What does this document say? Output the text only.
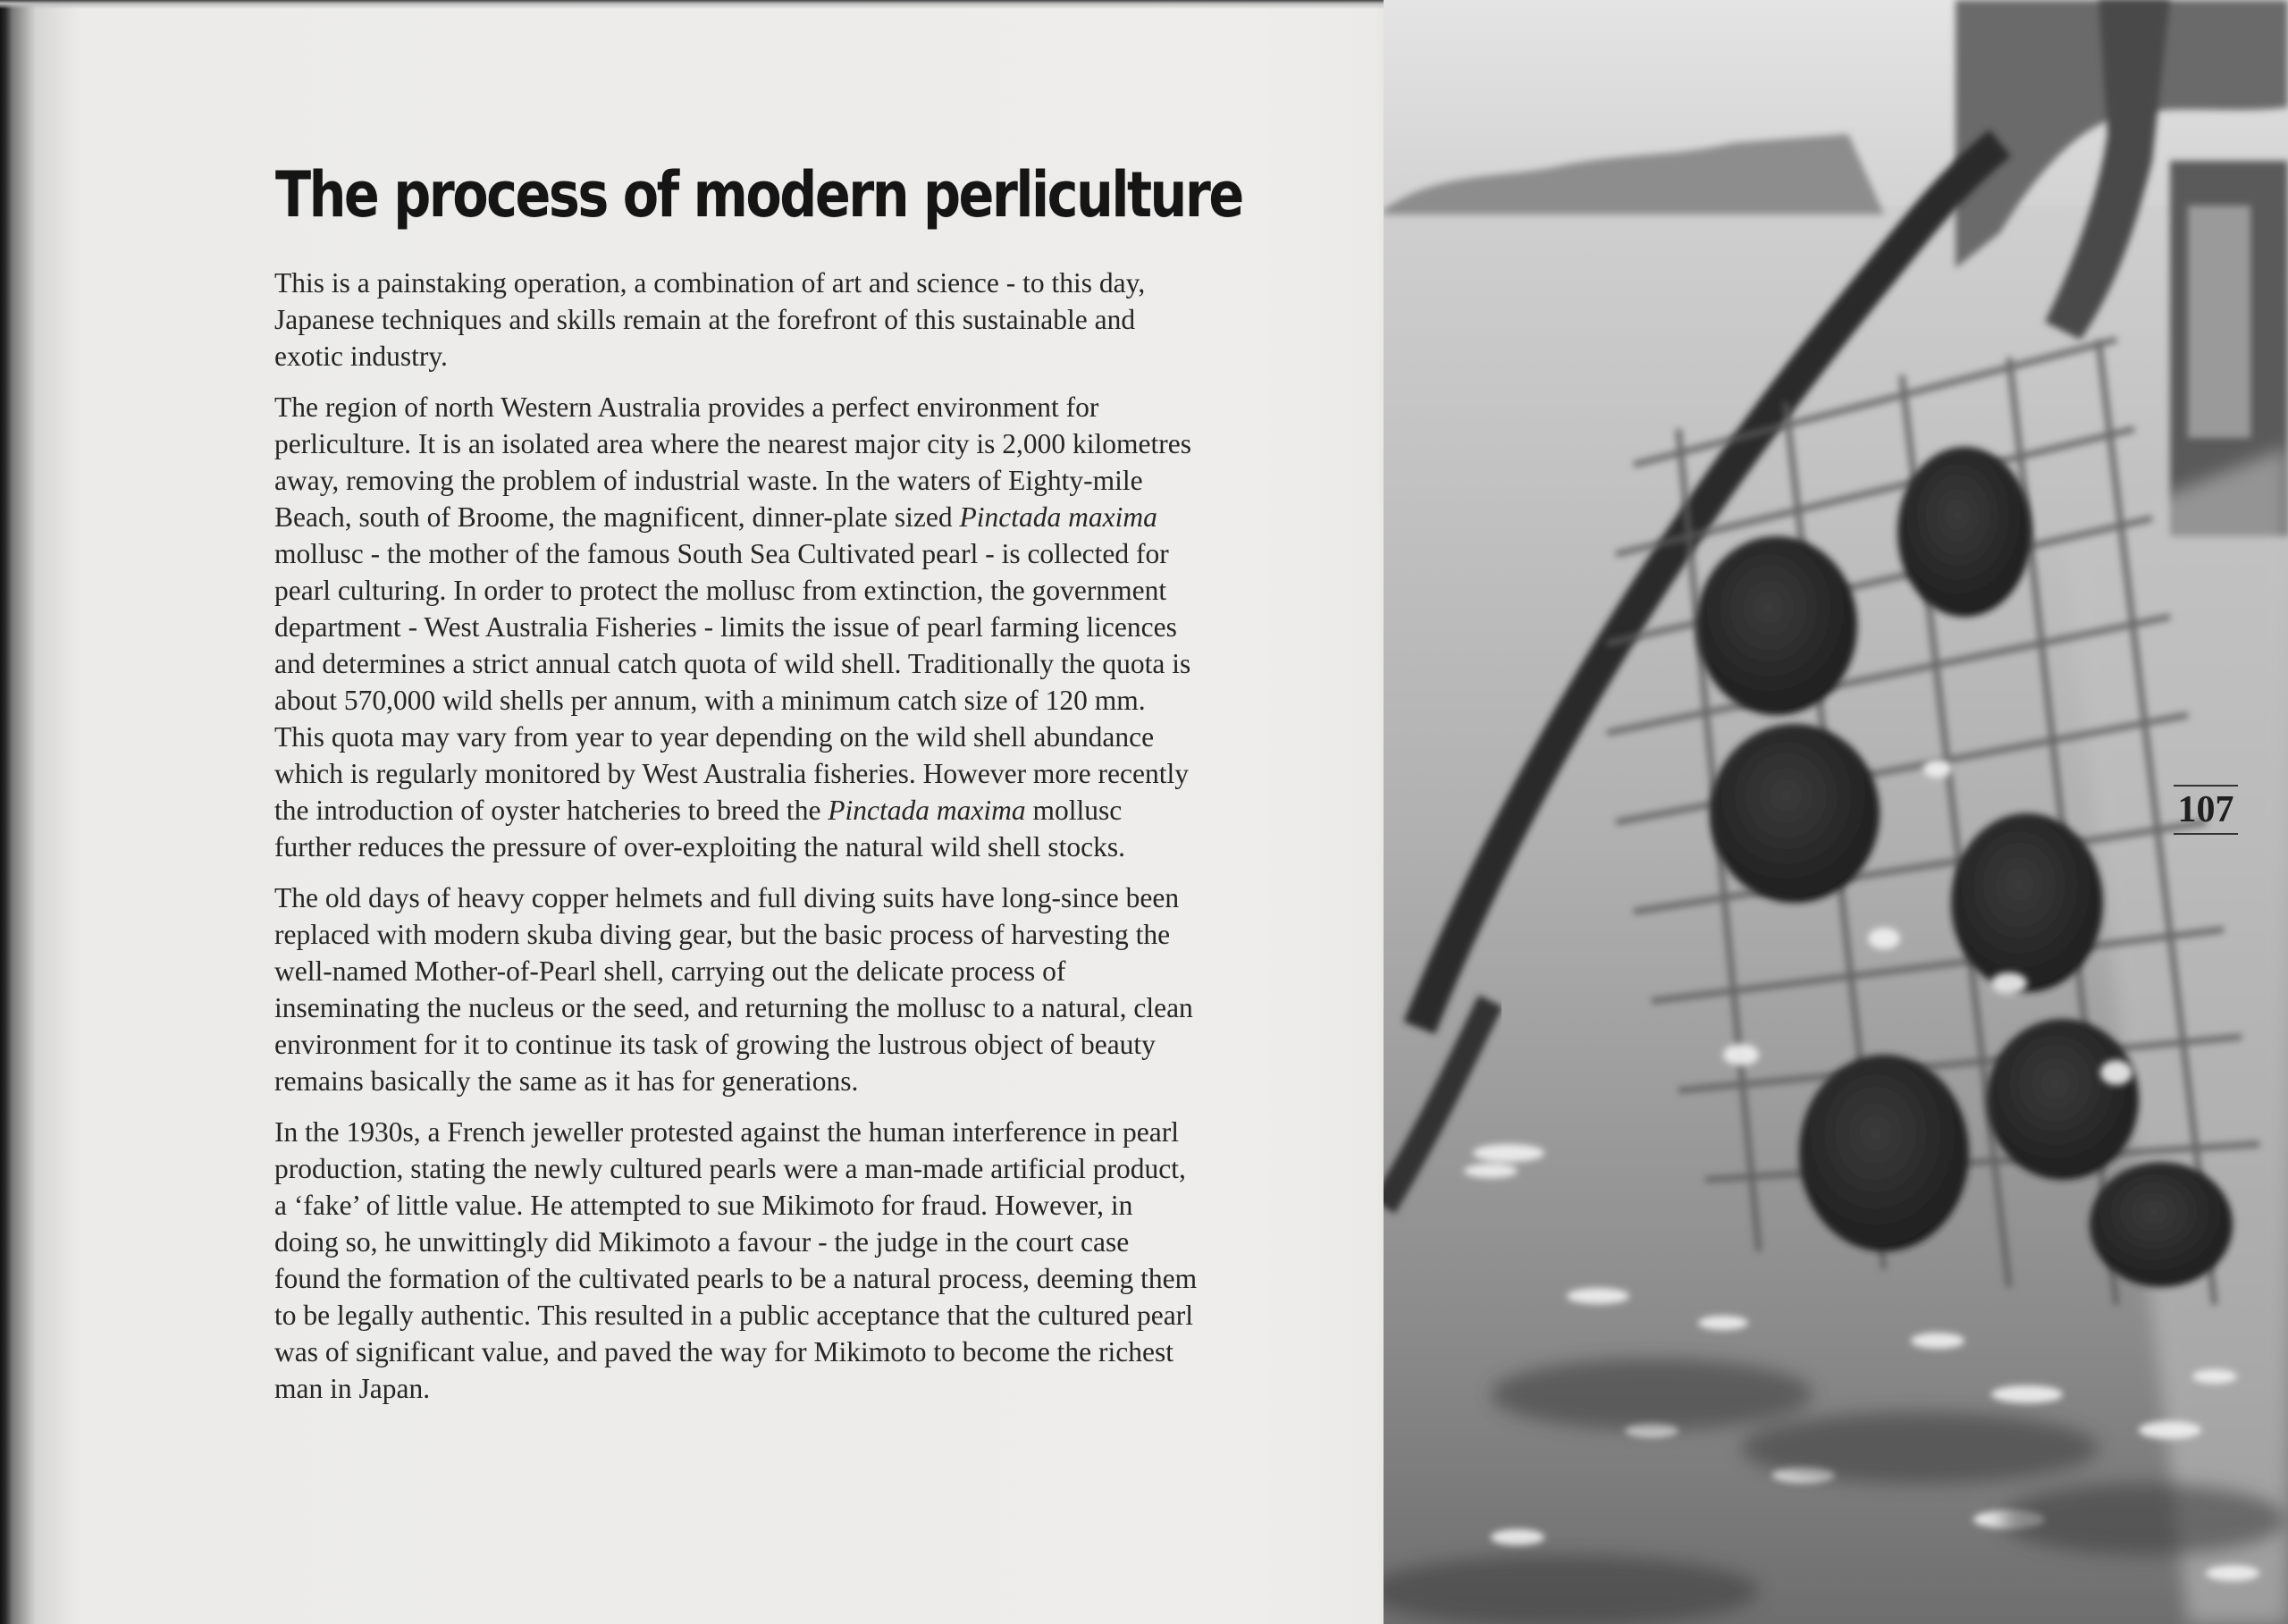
The process of modern perliculture

This is a painstaking operation, a combination of art and science - to this day, Japanese techniques and skills remain at the forefront of this sustainable and exotic industry.

The region of north Western Australia provides a perfect environment for perliculture. It is an isolated area where the nearest major city is 2,000 kilometres away, removing the problem of industrial waste. In the waters of Eighty-mile Beach, south of Broome, the magnificent, dinner-plate sized Pinctada maxima mollusc - the mother of the famous South Sea Cultivated pearl - is collected for pearl culturing. In order to protect the mollusc from extinction, the government department - West Australia Fisheries - limits the issue of pearl farming licences and determines a strict annual catch quota of wild shell. Traditionally the quota is about 570,000 wild shells per annum, with a minimum catch size of 120 mm. This quota may vary from year to year depending on the wild shell abundance which is regularly monitored by West Australia fisheries. However more recently the introduction of oyster hatcheries to breed the Pinctada maxima mollusc further reduces the pressure of over-exploiting the natural wild shell stocks.

The old days of heavy copper helmets and full diving suits have long-since been replaced with modern skuba diving gear, but the basic process of harvesting the well-named Mother-of-Pearl shell, carrying out the delicate process of inseminating the nucleus or the seed, and returning the mollusc to a natural, clean environment for it to continue its task of growing the lustrous object of beauty remains basically the same as it has for generations.

In the 1930s, a French jeweller protested against the human interference in pearl production, stating the newly cultured pearls were a man-made artificial product, a ‘fake’ of little value. He attempted to sue Mikimoto for fraud. However, in doing so, he unwittingly did Mikimoto a favour - the judge in the court case found the formation of the cultivated pearls to be a natural process, deeming them to be legally authentic. This resulted in a public acceptance that the cultured pearl was of significant value, and paved the way for Mikimoto to become the richest man in Japan.

107
